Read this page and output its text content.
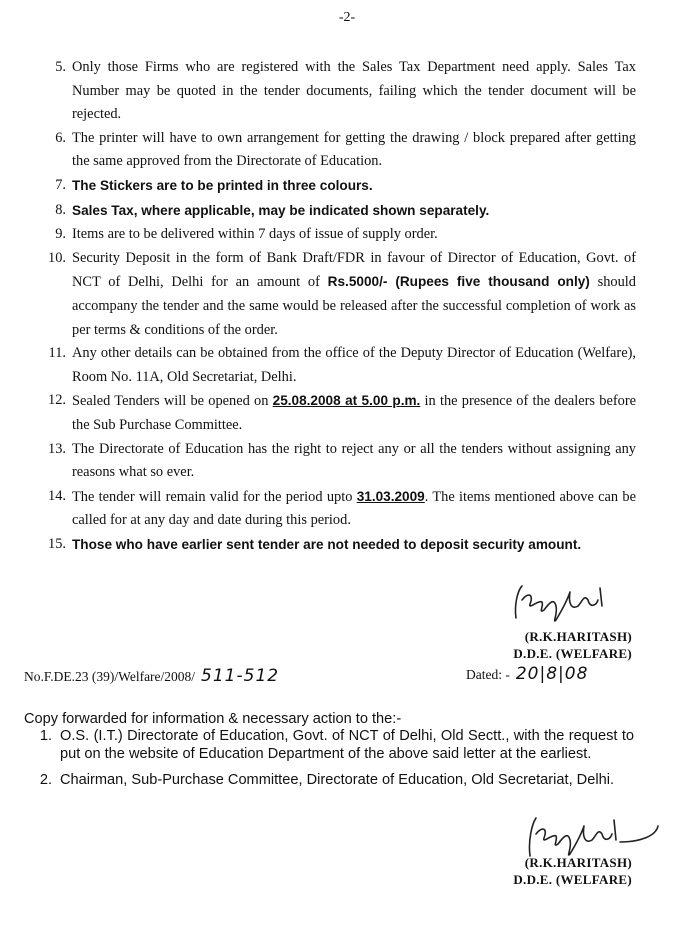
-2-

5. Only those Firms who are registered with the Sales Tax Department need apply. Sales Tax Number may be quoted in the tender documents, failing which the tender document will be rejected.

6. The printer will have to own arrangement for getting the drawing / block prepared after getting the same approved from the Directorate of Education.

7. The Stickers are to be printed in three colours.

8. Sales Tax, where applicable, may be indicated shown separately.

9. Items are to be delivered within 7 days of issue of supply order.

10. Security Deposit in the form of Bank Draft/FDR in favour of Director of Education, Govt. of NCT of Delhi, Delhi for an amount of Rs.5000/- (Rupees five thousand only) should accompany the tender and the same would be released after the successful completion of work as per terms & conditions of the order.

11. Any other details can be obtained from the office of the Deputy Director of Education (Welfare), Room No. 11A, Old Secretariat, Delhi.

12. Sealed Tenders will be opened on 25.08.2008 at 5.00 p.m. in the presence of the dealers before the Sub Purchase Committee.

13. The Directorate of Education has the right to reject any or all the tenders without assigning any reasons what so ever.

14. The tender will remain valid for the period upto 31.03.2009. The items mentioned above can be called for at any day and date during this period.

15. Those who have earlier sent tender are not needed to deposit security amount.

(R.K.HARITASH)
D.D.E. (WELFARE)
No.F.DE.23 (39)/Welfare/2008/ 511-512	Dated: - 20|8|08
Copy forwarded for information & necessary action to the:-

1. O.S. (I.T.) Directorate of Education, Govt. of NCT of Delhi, Old Sectt., with the request to put on the website of Education Department of the above said letter at the earliest.

2. Chairman, Sub-Purchase Committee, Directorate of Education, Old Secretariat, Delhi.

(R.K.HARITASH)
D.D.E. (WELFARE)
